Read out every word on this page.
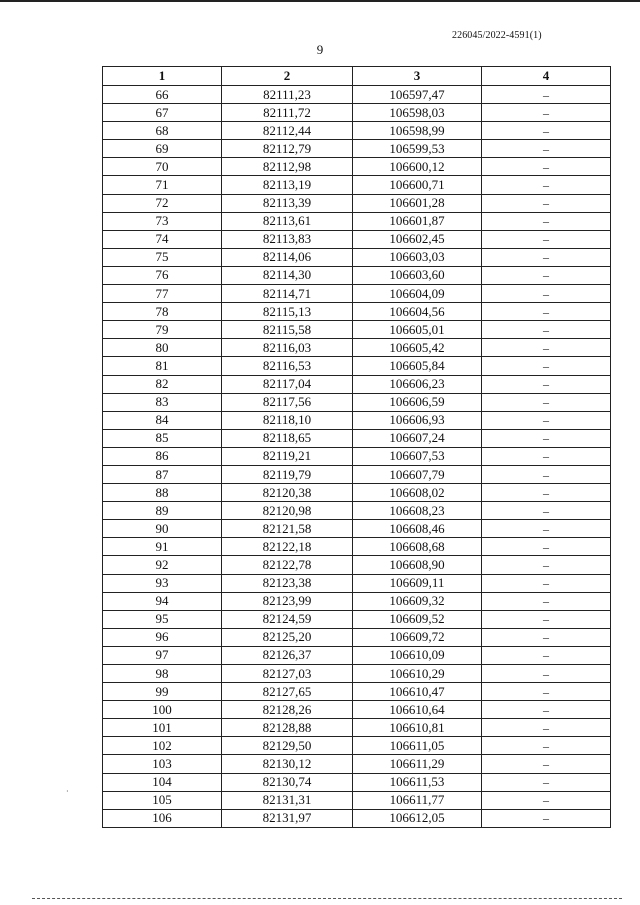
226045/2022-4591(1)
9
1	2	3	4
66	82111,23	106597,47	–
67	82111,72	106598,03	–
68	82112,44	106598,99	–
69	82112,79	106599,53	–
70	82112,98	106600,12	–
71	82113,19	106600,71	–
72	82113,39	106601,28	–
73	82113,61	106601,87	–
74	82113,83	106602,45	–
75	82114,06	106603,03	–
76	82114,30	106603,60	–
77	82114,71	106604,09	–
78	82115,13	106604,56	–
79	82115,58	106605,01	–
80	82116,03	106605,42	–
81	82116,53	106605,84	–
82	82117,04	106606,23	–
83	82117,56	106606,59	–
84	82118,10	106606,93	–
85	82118,65	106607,24	–
86	82119,21	106607,53	–
87	82119,79	106607,79	–
88	82120,38	106608,02	–
89	82120,98	106608,23	–
90	82121,58	106608,46	–
91	82122,18	106608,68	–
92	82122,78	106608,90	–
93	82123,38	106609,11	–
94	82123,99	106609,32	–
95	82124,59	106609,52	–
96	82125,20	106609,72	–
97	82126,37	106610,09	–
98	82127,03	106610,29	–
99	82127,65	106610,47	–
100	82128,26	106610,64	–
101	82128,88	106610,81	–
102	82129,50	106611,05	–
103	82130,12	106611,29	–
104	82130,74	106611,53	–
105	82131,31	106611,77	–
106	82131,97	106612,05	–
·
